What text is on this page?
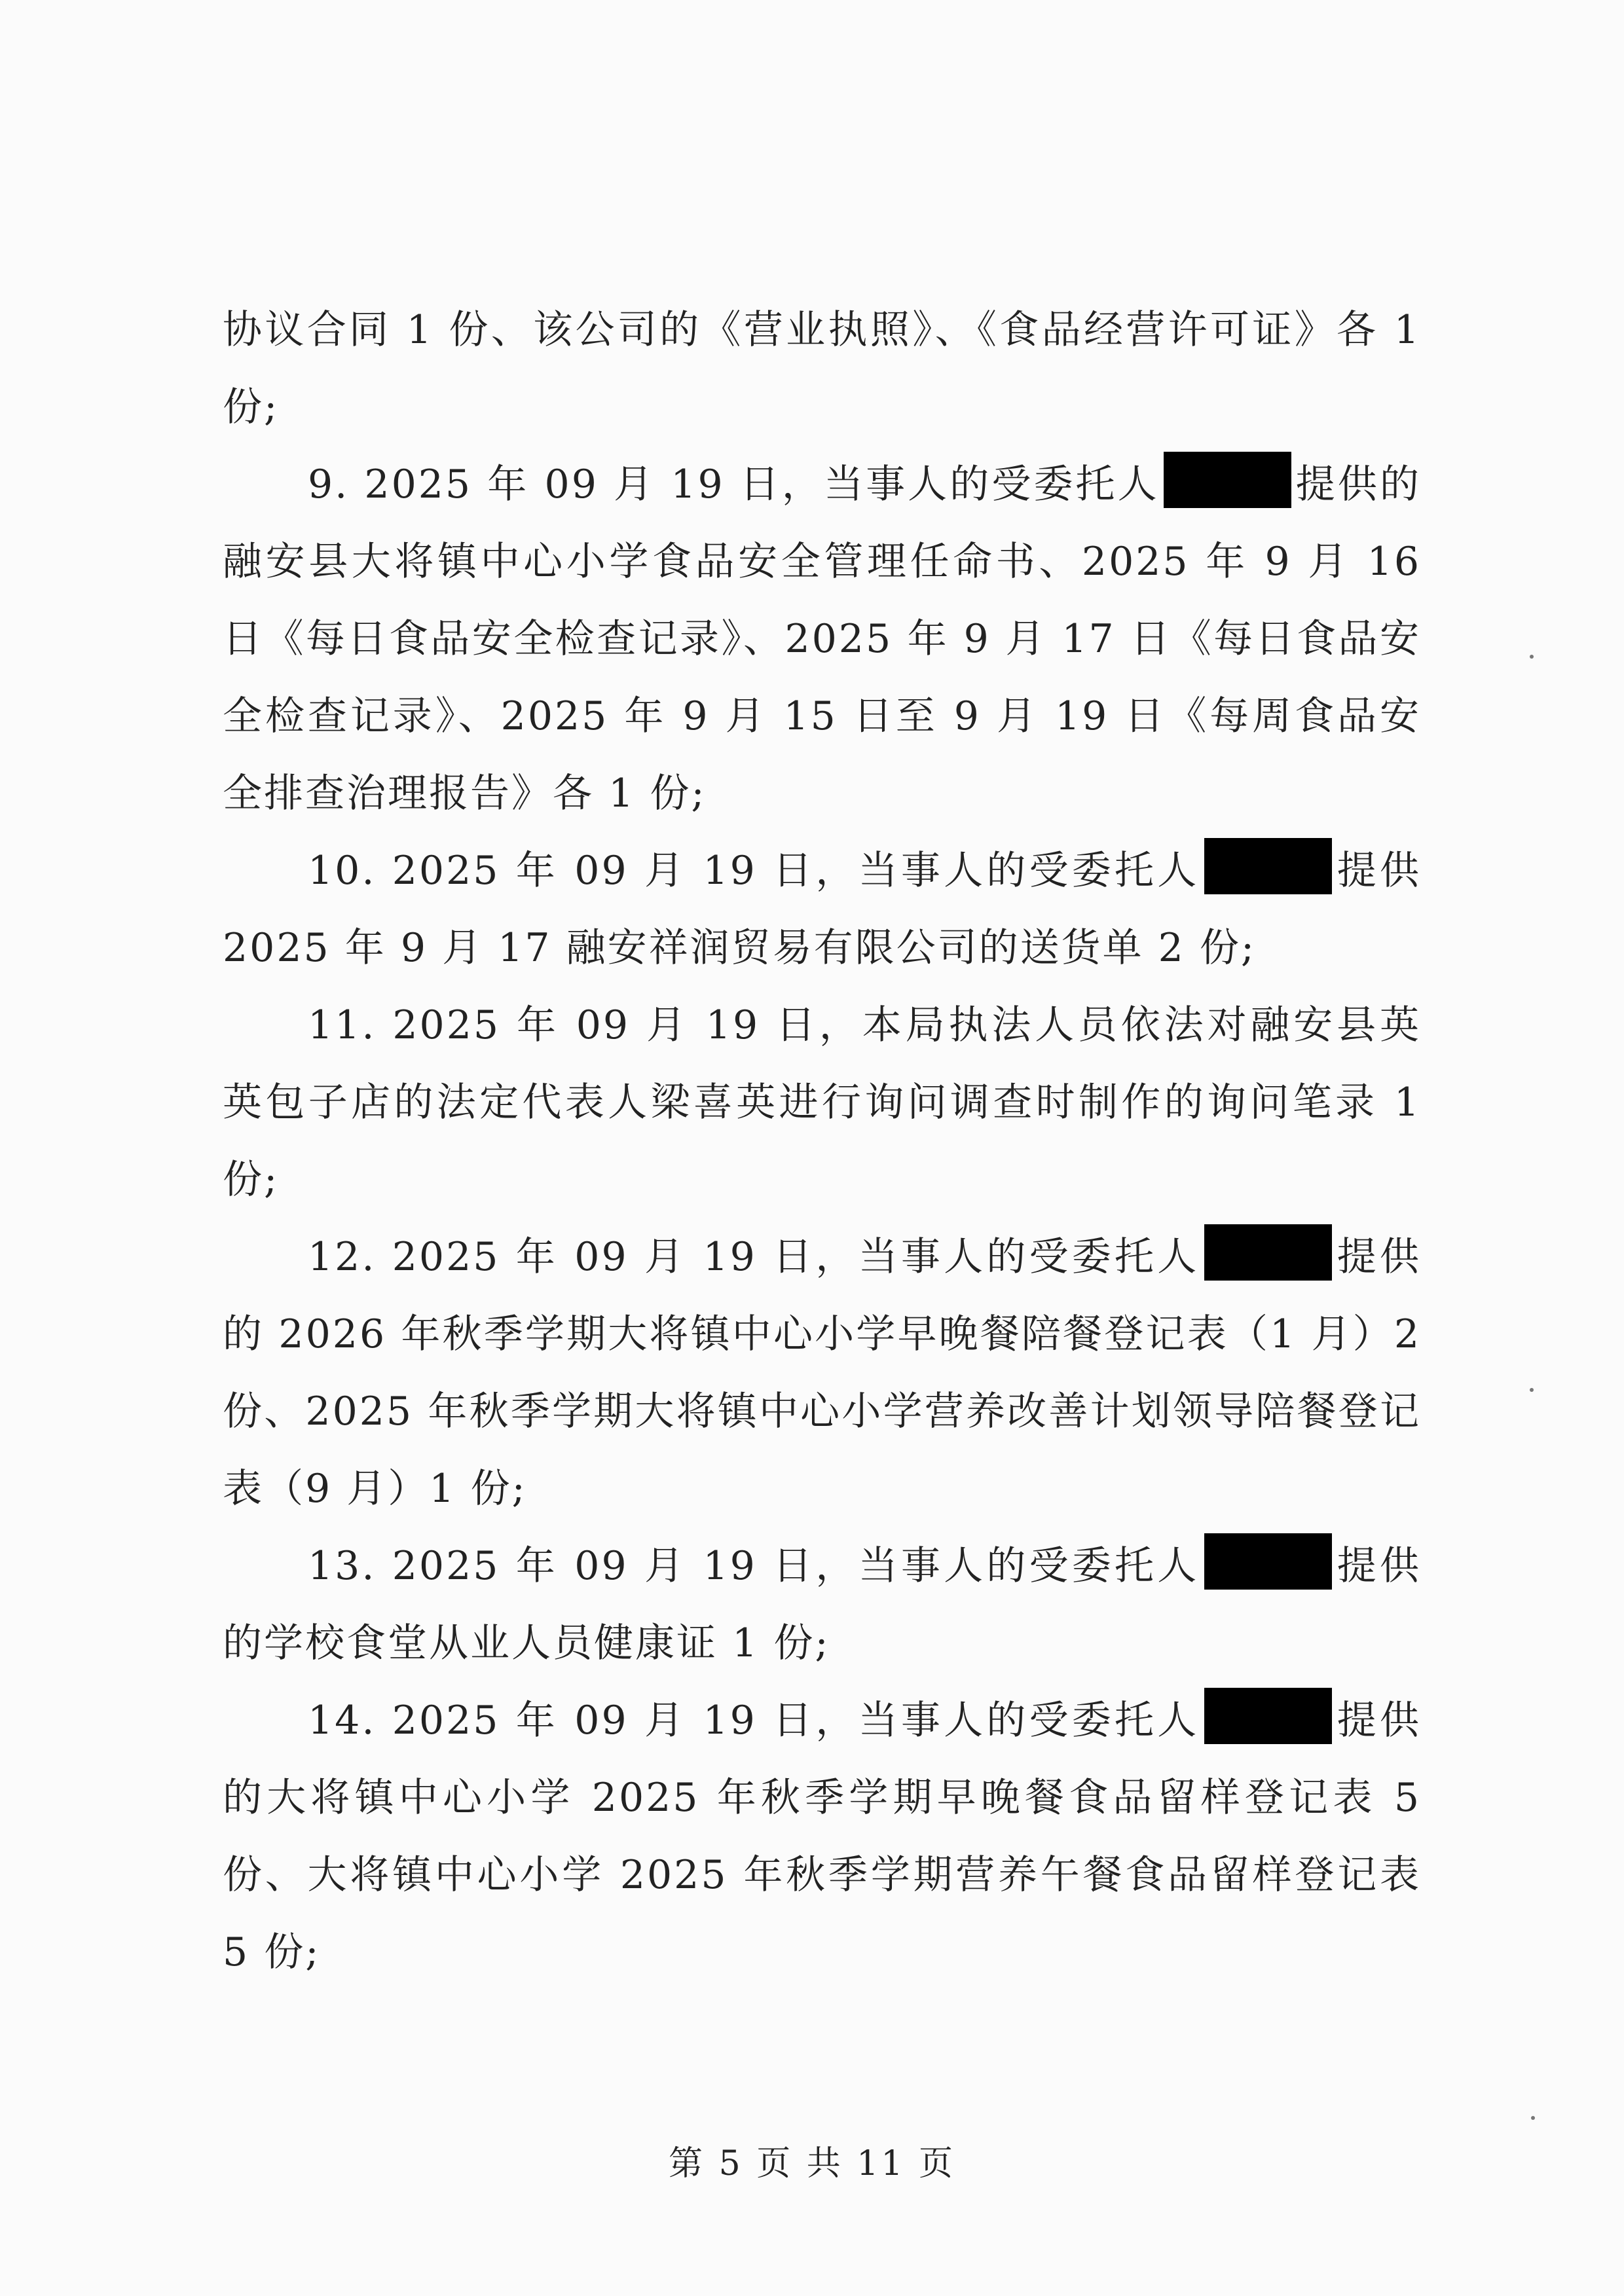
协议合同 1 份、该公司的《营业执照》、《食品经营许可证》各 1 份;

9. 2025 年 09 月 19 日，当事人的受委托人	提供的融安县大将镇中心小学食品安全管理任命书、2025 年 9 月 16 日《每日食品安全检查记录》、2025 年 9 月 17 日《每日食品安全检查记录》、2025 年 9 月 15 日至 9 月 19 日《每周食品安全排查治理报告》各 1 份;

10. 2025 年 09 月 19 日，当事人的受委托人	提供 2025 年 9 月 17 融安祥润贸易有限公司的送货单 2 份;

11. 2025 年 09 月 19 日，本局执法人员依法对融安县英英包子店的法定代表人梁喜英进行询问调查时制作的询问笔录 1 份;

12. 2025 年 09 月 19 日，当事人的受委托人	提供的 2026 年秋季学期大将镇中心小学早晚餐陪餐登记表（1 月）2 份、2025 年秋季学期大将镇中心小学营养改善计划领导陪餐登记表（9 月）1 份;

13. 2025 年 09 月 19 日，当事人的受委托人	提供的学校食堂从业人员健康证 1 份;

14. 2025 年 09 月 19 日，当事人的受委托人	提供的大将镇中心小学 2025 年秋季学期早晚餐食品留样登记表 5 份、大将镇中心小学 2025 年秋季学期营养午餐食品留样登记表 5 份;

第 5 页 共 11 页
